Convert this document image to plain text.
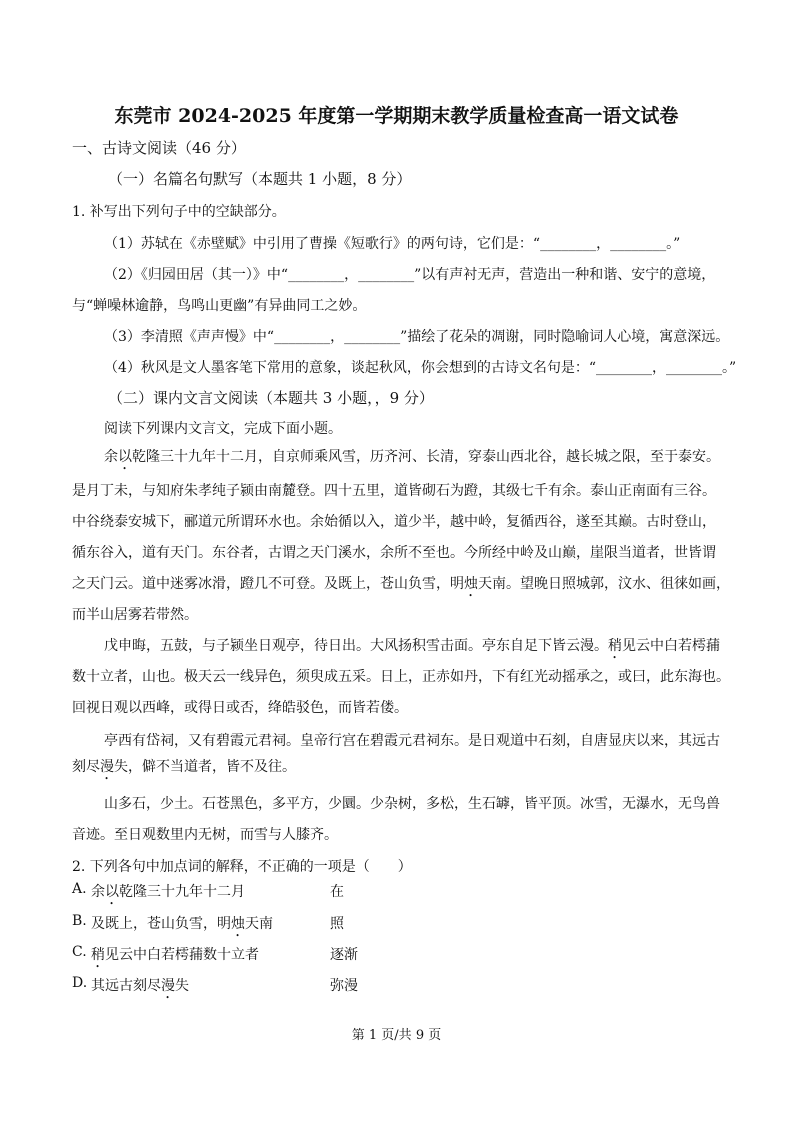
东莞市 2024-2025 年度第一学期期末教学质量检查高一语文试卷
一、古诗文阅读（46 分）
（一）名篇名句默写（本题共 1 小题，8 分）
1. 补写出下列句子中的空缺部分。
（1）苏轼在《赤壁赋》中引用了曹操《短歌行》的两句诗，它们是：“________，________。”
（2）《归园田居（其一）》中“________，________”以有声衬无声，营造出一种和谐、安宁的意境，
与“蝉噪林逾静，鸟鸣山更幽”有异曲同工之妙。
（3）李清照《声声慢》中“________，________”描绘了花朵的凋谢，同时隐喻词人心境，寓意深远。
（4）秋风是文人墨客笔下常用的意象，谈起秋风，你会想到的古诗文名句是：“________，________。”
（二）课内文言文阅读（本题共 3 小题，，9 分）
阅读下列课内文言文，完成下面小题。
余以乾隆三十九年十二月，自京师乘风雪，历齐河、长清，穿泰山西北谷，越长城之限，至于泰安。
是月丁未，与知府朱孝纯子颍由南麓登。四十五里，道皆砌石为蹬，其级七千有余。泰山正南面有三谷。
中谷绕泰安城下，郦道元所谓环水也。余始循以入，道少半，越中岭，复循西谷，遂至其巅。古时登山，
循东谷入，道有天门。东谷者，古谓之天门溪水，余所不至也。今所经中岭及山巅，崖限当道者，世皆谓
之天门云。道中迷雾冰滑，蹬几不可登。及既上，苍山负雪，明烛天南。望晚日照城郭，汶水、徂徕如画，
而半山居雾若带然。
戊申晦，五鼓，与子颍坐日观亭，待日出。大风扬积雪击面。亭东自足下皆云漫。稍见云中白若樗蒱
数十立者，山也。极天云一线异色，须臾成五采。日上，正赤如丹，下有红光动摇承之，或曰，此东海也。
回视日观以西峰，或得日或否，绛皓驳色，而皆若偻。
亭西有岱祠，又有碧霞元君祠。皇帝行宫在碧霞元君祠东。是日观道中石刻，自唐显庆以来，其远古
刻尽漫失，僻不当道者，皆不及往。
山多石，少土。石苍黑色，多平方，少圜。少杂树，多松，生石罅，皆平顶。冰雪，无瀑水，无鸟兽
音迹。至日观数里内无树，而雪与人膝齐。
2. 下列各句中加点词的解释，不正确的一项是（　　）
A. 余以乾隆三十九年十二月	在
B. 及既上，苍山负雪，明烛天南	照
C. 稍见云中白若樗蒱数十立者	逐渐
D. 其远古刻尽漫失	弥漫
第 1 页/共 9 页
